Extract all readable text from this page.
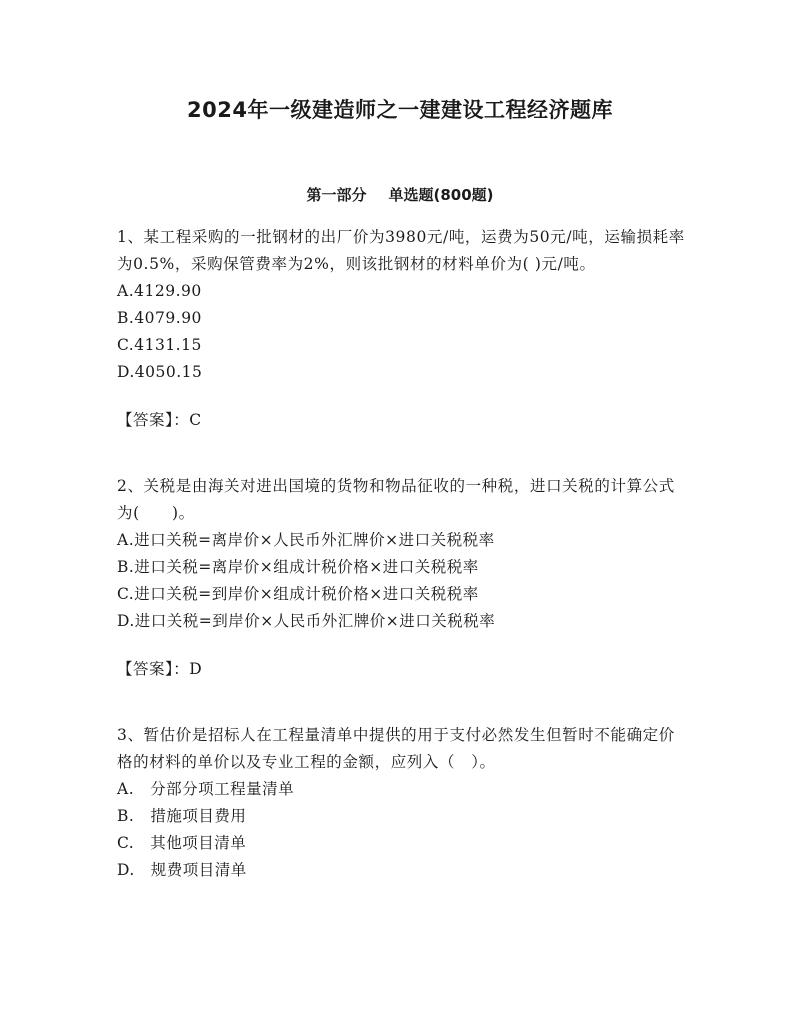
2024年一级建造师之一建建设工程经济题库
第一部分 单选题(800题)

1、某工程采购的一批钢材的出厂价为3980元/吨，运费为50元/吨，运输损耗率为0.5%，采购保管费率为2%，则该批钢材的材料单价为( )元/吨。

A.4129.90
B.4079.90
C.4131.15
D.4050.15

【答案】：C

2、关税是由海关对进出国境的货物和物品征收的一种税，进口关税的计算公式为(　　)。

A.进口关税=离岸价×人民币外汇牌价×进口关税税率
B.进口关税=离岸价×组成计税价格×进口关税税率
C.进口关税=到岸价×组成计税价格×进口关税税率
D.进口关税=到岸价×人民币外汇牌价×进口关税税率

【答案】：D

3、暂估价是招标人在工程量清单中提供的用于支付必然发生但暂时不能确定价格的材料的单价以及专业工程的金额，应列入（　）。

A.　分部分项工程量清单
B.　措施项目费用
C.　其他项目清单
D.　规费项目清单
